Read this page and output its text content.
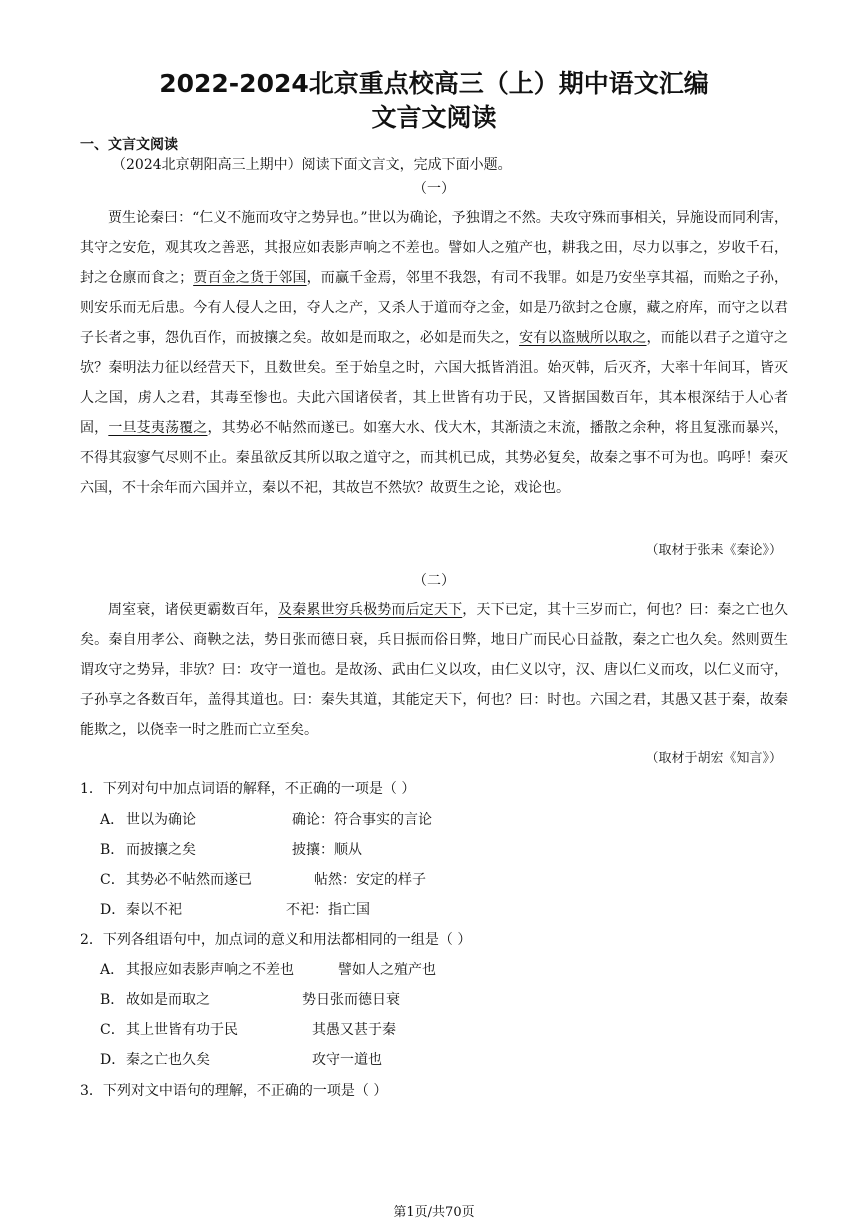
2022-2024北京重点校高三（上）期中语文汇编
文言文阅读
一、文言文阅读
（2024北京朝阳高三上期中）阅读下面文言文，完成下面小题。
（一）

贾生论秦曰：“仁义不施而攻守之势异也。”世以为确论，予独谓之不然。夫攻守殊而事相关，异施设而同利害，其守之安危，观其攻之善恶，其报应如表影声响之不差也。譬如人之殖产也，耕我之田，尽力以事之，岁收千石，封之仓廪而食之；贾百金之货于邻国，而赢千金焉，邻里不我怨，有司不我罪。如是乃安坐享其福，而贻之子孙，则安乐而无后患。今有人侵人之田，夺人之产，又杀人于道而夺之金，如是乃欲封之仓廪，藏之府库，而守之以君子长者之事，怨仇百作，而披攘之矣。故如是而取之，必如是而失之，安有以盗贼所以取之，而能以君子之道守之欤？秦明法力征以经营天下，且数世矣。至于始皇之时，六国大抵皆消沮。始灭韩，后灭齐，大率十年间耳，皆灭人之国，虏人之君，其毒至惨也。夫此六国诸侯者，其上世皆有功于民，又皆据国数百年，其本根深结于人心者固，一旦芟夷荡覆之，其势必不帖然而遂已。如塞大水、伐大木，其渐渍之末流，播散之余种，将且复涨而暴兴，不得其寂寥气尽则不止。秦虽欲反其所以取之道守之，而其机已成，其势必复矣，故秦之事不可为也。呜呼！秦灭六国，不十余年而六国并立，秦以不祀，其故岂不然欤？故贾生之论，戏论也。

（取材于张耒《秦论》）
（二）

周室衰，诸侯更霸数百年，及秦累世穷兵极势而后定天下，天下已定，其十三岁而亡，何也？曰：秦之亡也久矣。秦自用孝公、商鞅之法，势日张而德日衰，兵日振而俗日弊，地日广而民心日益散，秦之亡也久矣。然则贾生谓攻守之势异，非欤？曰：攻守一道也。是故汤、武由仁义以攻，由仁义以守，汉、唐以仁义而攻，以仁义而守，子孙享之各数百年，盖得其道也。曰：秦失其道，其能定天下，何也？曰：时也。六国之君，其愚又甚于秦，故秦能欺之，以侥幸一时之胜而亡立至矣。

（取材于胡宏《知言》）
1．下列对句中加点词语的解释，不正确的一项是（ ）
A． 世以为确论	确论：符合事实的言论
B． 而披攘之矣	披攘：顺从
C．其势必不帖然而遂已	帖然：安定的样子
D．秦以不祀	不祀：指亡国
2．下列各组语句中，加点词的意义和用法都相同的一组是（ ）
A． 其报应如表影声响之不差也	譬如人之殖产也
B． 故如是而取之	势日张而德日衰
C．其上世皆有功于民	其愚又甚于秦
D．秦之亡也久矣	攻守一道也
3．下列对文中语句的理解，不正确的一项是（ ）
第1页/共70页
